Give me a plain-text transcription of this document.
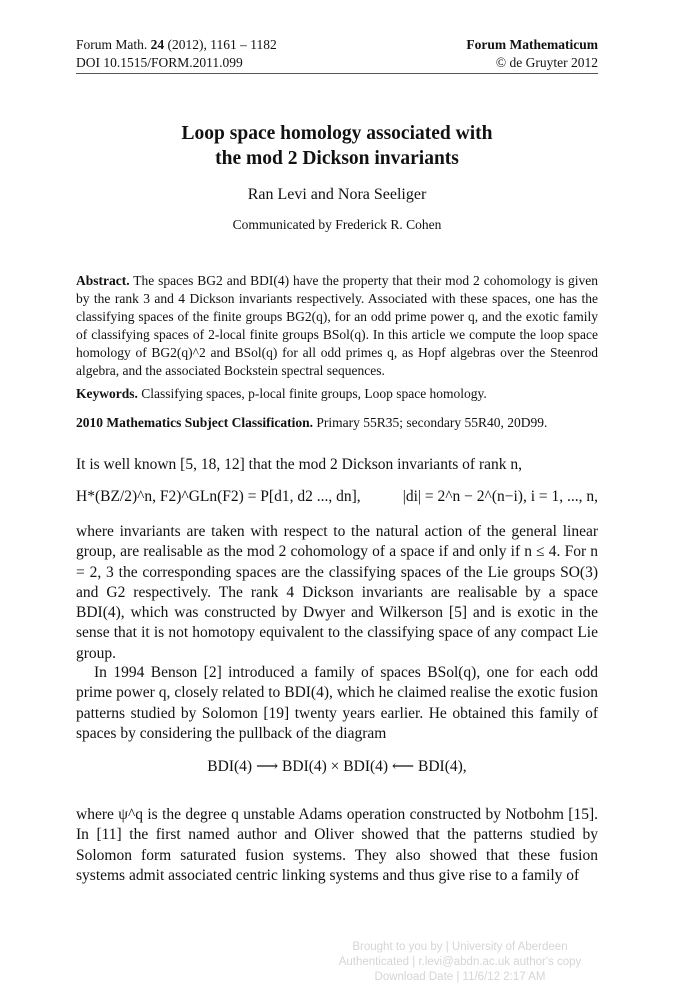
Forum Math. 24 (2012), 1161 – 1182
DOI 10.1515/FORM.2011.099
Forum Mathematicum
© de Gruyter 2012
Loop space homology associated with
the mod 2 Dickson invariants
Ran Levi and Nora Seeliger
Communicated by Frederick R. Cohen
Abstract. The spaces BG2 and BDI(4) have the property that their mod 2 cohomology is given by the rank 3 and 4 Dickson invariants respectively. Associated with these spaces, one has the classifying spaces of the finite groups BG2(q), for an odd prime power q, and the exotic family of classifying spaces of 2-local finite groups BSol(q). In this article we compute the loop space homology of BG2(q)^2 and BSol(q) for all odd primes q, as Hopf algebras over the Steenrod algebra, and the associated Bockstein spectral sequences.
Keywords. Classifying spaces, p-local finite groups, Loop space homology.
2010 Mathematics Subject Classification. Primary 55R35; secondary 55R40, 20D99.
It is well known [5, 18, 12] that the mod 2 Dickson invariants of rank n,
H*(BZ/2)^n, F2)^GLn(F2) = P[d1, d2 ..., dn],	|di| = 2^n − 2^(n−i), i = 1, ..., n,
where invariants are taken with respect to the natural action of the general linear group, are realisable as the mod 2 cohomology of a space if and only if n ≤ 4. For n = 2, 3 the corresponding spaces are the classifying spaces of the Lie groups SO(3) and G2 respectively. The rank 4 Dickson invariants are realisable by a space BDI(4), which was constructed by Dwyer and Wilkerson [5] and is exotic in the sense that it is not homotopy equivalent to the classifying space of any compact Lie group.
In 1994 Benson [2] introduced a family of spaces BSol(q), one for each odd prime power q, closely related to BDI(4), which he claimed realise the exotic fusion patterns studied by Solomon [19] twenty years earlier. He obtained this family of spaces by considering the pullback of the diagram
BDI(4) ⟶ BDI(4) × BDI(4) ⟵ BDI(4),
where ψ^q is the degree q unstable Adams operation constructed by Notbohm [15]. In [11] the first named author and Oliver showed that the patterns studied by Solomon form saturated fusion systems. They also showed that these fusion systems admit associated centric linking systems and thus give rise to a family of
Brought to you by | University of Aberdeen
Authenticated | r.levi@abdn.ac.uk author's copy
Download Date | 11/6/12 2:17 AM
